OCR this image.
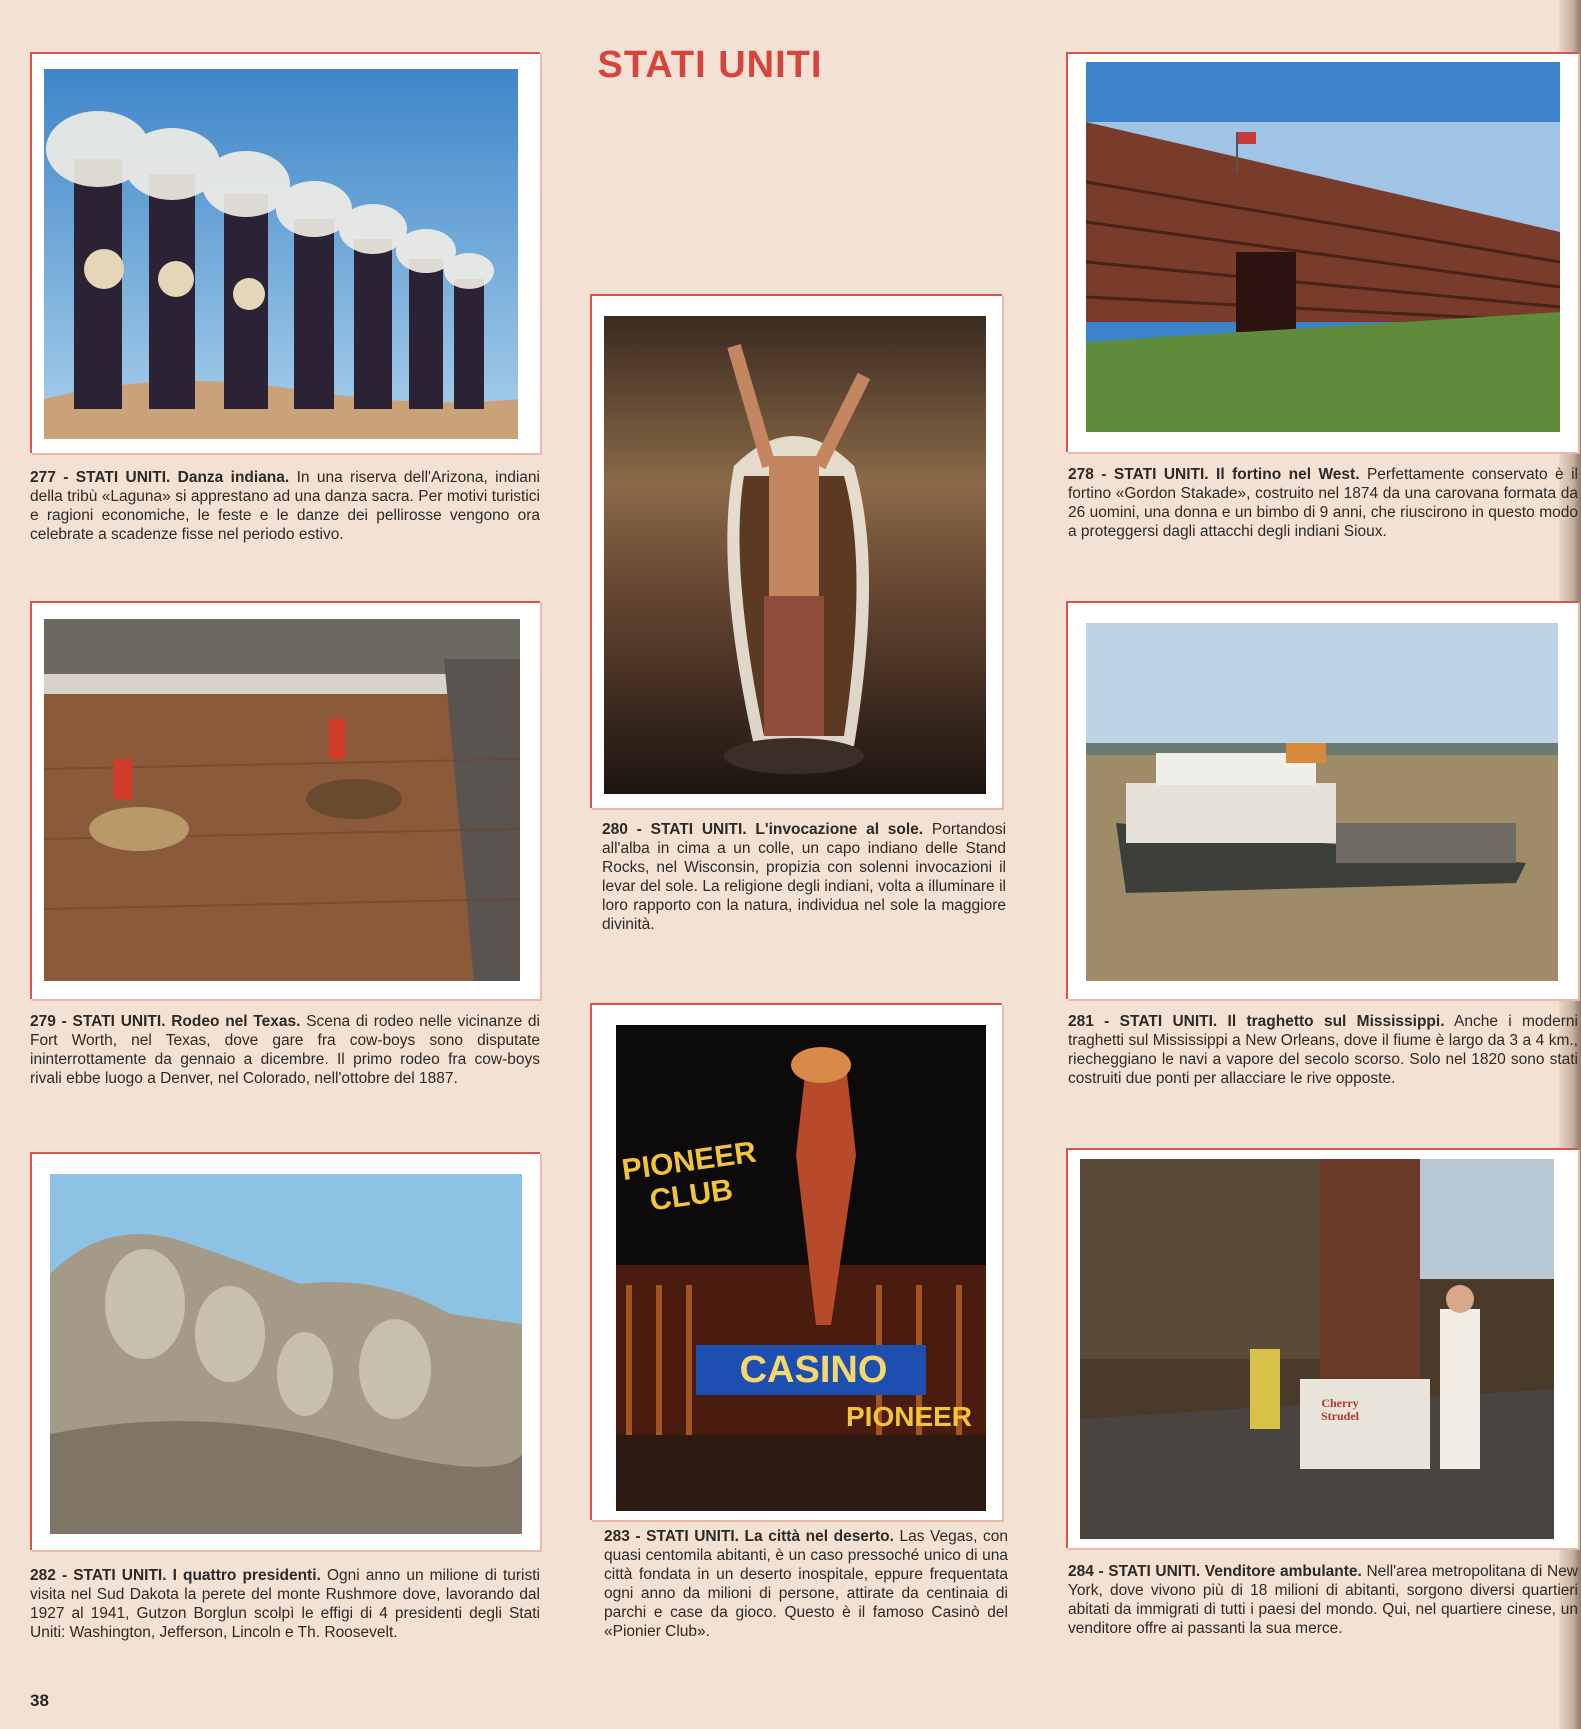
STATI UNITI
277 - STATI UNITI. Danza indiana. In una riserva dell'Arizona, indiani della tribù «Laguna» si apprestano ad una danza sacra. Per motivi turistici e ragioni economiche, le feste e le danze dei pellirosse vengono ora celebrate a scadenze fisse nel periodo estivo.
278 - STATI UNITI. Il fortino nel West. Perfettamente conservato è il fortino «Gordon Stakade», costruito nel 1874 da una carovana formata da 26 uomini, una donna e un bimbo di 9 anni, che riuscirono in questo modo a proteggersi dagli attacchi degli indiani Sioux.
280 - STATI UNITI. L'invocazione al sole. Portandosi all'alba in cima a un colle, un capo indiano delle Stand Rocks, nel Wisconsin, propizia con solenni invocazioni il levar del sole. La religione degli indiani, volta a illuminare il loro rapporto con la natura, individua nel sole la maggiore divinità.
279 - STATI UNITI. Rodeo nel Texas. Scena di rodeo nelle vicinanze di Fort Worth, nel Texas, dove gare fra cow-boys sono disputate ininterrottamente da gennaio a dicembre. Il primo rodeo fra cow-boys rivali ebbe luogo a Denver, nel Colorado, nell'ottobre del 1887.
281 - STATI UNITI. Il traghetto sul Mississippi. Anche i moderni traghetti sul Mississippi a New Orleans, dove il fiume è largo da 3 a 4 km., riecheggiano le navi a vapore del secolo scorso. Solo nel 1820 sono stati costruiti due ponti per allacciare le rive opposte.
PIONEER CLUB
CASINO
PIONEER
283 - STATI UNITI. La città nel deserto. Las Vegas, con quasi centomila abitanti, è un caso pressoché unico di una città fondata in un deserto inospitale, eppure frequentata ogni anno da milioni di persone, attirate da centinaia di parchi e case da gioco. Questo è il famoso Casinò del «Pionier Club».
282 - STATI UNITI. I quattro presidenti. Ogni anno un milione di turisti visita nel Sud Dakota la perete del monte Rushmore dove, lavorando dal 1927 al 1941, Gutzon Borglun scolpì le effigi di 4 presidenti degli Stati Uniti: Washington, Jefferson, Lincoln e Th. Roosevelt.
Cherry Strudel
284 - STATI UNITI. Venditore ambulante. Nell'area metropolitana di New York, dove vivono più di 18 milioni di abitanti, sorgono diversi quartieri abitati da immigrati di tutti i paesi del mondo. Qui, nel quartiere cinese, un venditore offre ai passanti la sua merce.
38
